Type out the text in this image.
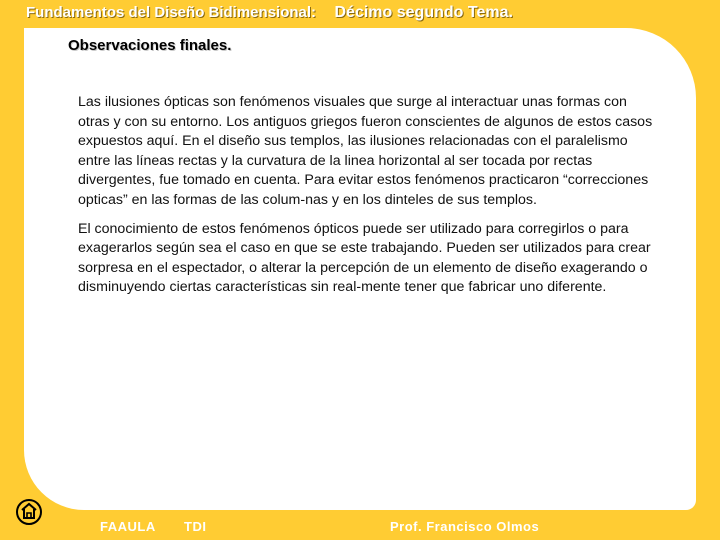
Fundamentos del Diseño Bidimensional: Décimo segundo Tema.
Observaciones finales.

Las ilusiones ópticas son fenómenos visuales que surge al interactuar unas formas con otras y con su entorno. Los antiguos griegos fueron conscientes de algunos de estos casos expuestos aquí. En el diseño sus templos, las ilusiones relacionadas con el paralelismo entre las líneas rectas y la curvatura de la linea horizontal al ser tocada por rectas divergentes, fue tomado en cuenta. Para evitar estos fenómenos practicaron “correcciones opticas” en las formas de las colum-nas y en los dinteles de sus templos.

El conocimiento de estos fenómenos ópticos puede ser utilizado para corregirlos o para exagerarlos según sea el caso en que se este trabajando. Pueden ser utilizados para crear sorpresa en el espectador, o alterar la percepción de un elemento de diseño exagerando o disminuyendo ciertas características sin real-mente tener que fabricar uno diferente.

FAAULA TDI	Prof. Francisco Olmos
